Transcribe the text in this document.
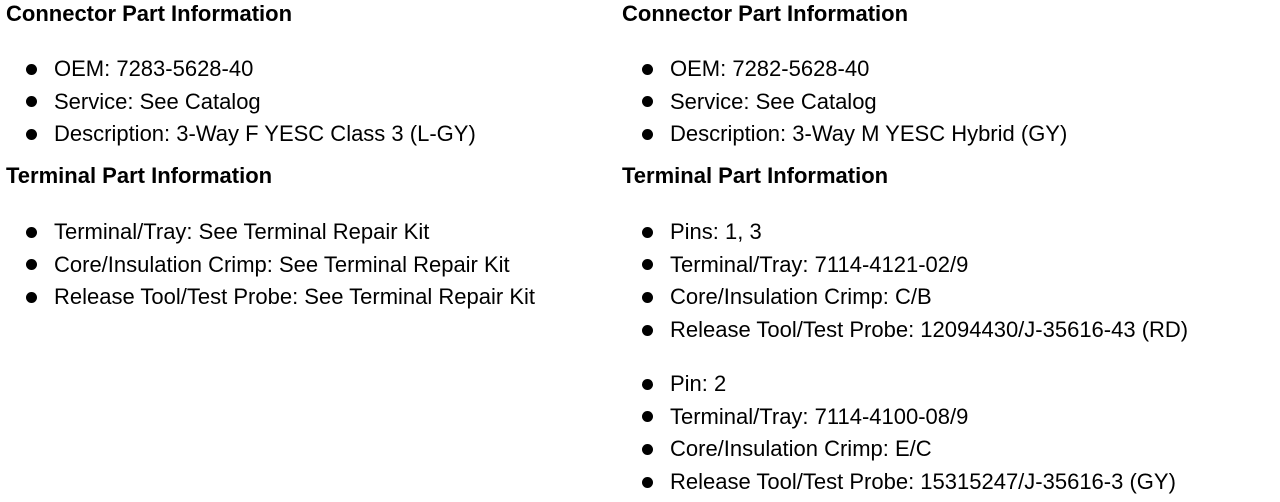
Connector Part Information
OEM: 7283-5628-40
Service: See Catalog
Description: 3-Way F YESC Class 3 (L-GY)
Terminal Part Information
Terminal/Tray: See Terminal Repair Kit
Core/Insulation Crimp: See Terminal Repair Kit
Release Tool/Test Probe: See Terminal Repair Kit
Connector Part Information
OEM: 7282-5628-40
Service: See Catalog
Description: 3-Way M YESC Hybrid (GY)
Terminal Part Information
Pins: 1, 3
Terminal/Tray: 7114-4121-02/9
Core/Insulation Crimp: C/B
Release Tool/Test Probe: 12094430/J-35616-43 (RD)
Pin: 2
Terminal/Tray: 7114-4100-08/9
Core/Insulation Crimp: E/C
Release Tool/Test Probe: 15315247/J-35616-3 (GY)
